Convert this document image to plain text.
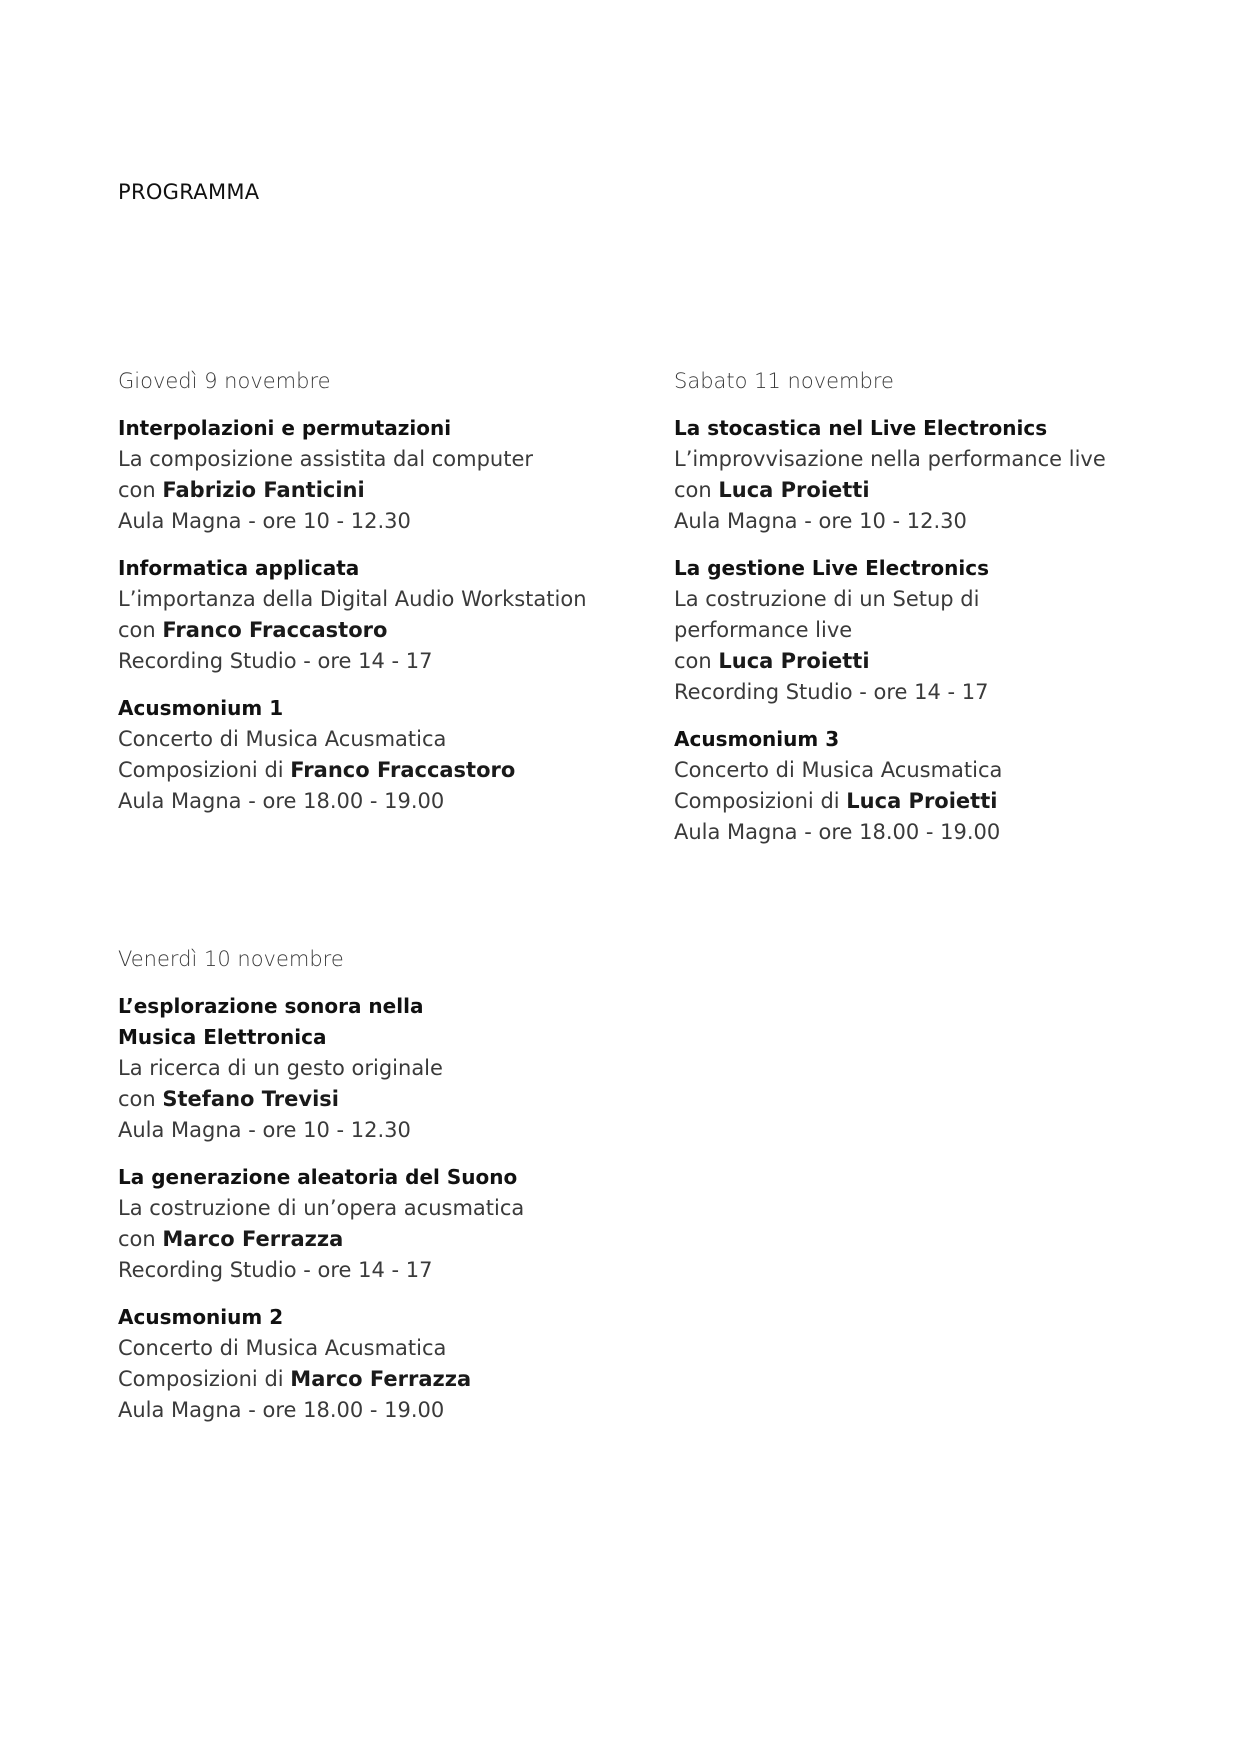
PROGRAMMA
Giovedì 9 novembre
Interpolazioni e permutazioni
La composizione assistita dal computer
con Fabrizio Fanticini
Aula Magna - ore 10 - 12.30
Informatica applicata
L’importanza della Digital Audio Workstation
con Franco Fraccastoro
Recording Studio - ore 14 - 17
Acusmonium 1
Concerto di Musica Acusmatica
Composizioni di Franco Fraccastoro
Aula Magna - ore 18.00 - 19.00
Sabato 11 novembre
La stocastica nel Live Electronics
L’improvvisazione nella performance live
con Luca Proietti
Aula Magna - ore 10 - 12.30
La gestione Live Electronics
La costruzione di un Setup di
performance live
con Luca Proietti
Recording Studio - ore 14 - 17
Acusmonium 3
Concerto di Musica Acusmatica
Composizioni di Luca Proietti
Aula Magna - ore 18.00 - 19.00
Venerdì 10 novembre
L’esplorazione sonora nella
Musica Elettronica
La ricerca di un gesto originale
con Stefano Trevisi
Aula Magna - ore 10 - 12.30
La generazione aleatoria del Suono
La costruzione di un’opera acusmatica
con Marco Ferrazza
Recording Studio - ore 14 - 17
Acusmonium 2
Concerto di Musica Acusmatica
Composizioni di Marco Ferrazza
Aula Magna - ore 18.00 - 19.00
